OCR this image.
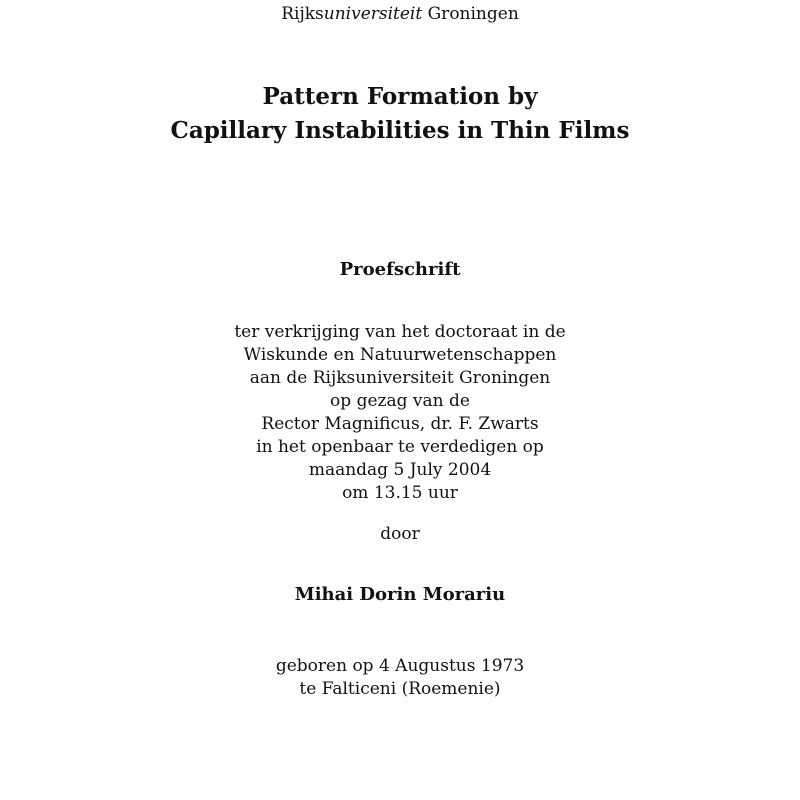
Rijksuniversiteit Groningen

Pattern Formation by
Capillary Instabilities in Thin Films
Proefschrift

ter verkrijging van het doctoraat in de

Wiskunde en Natuurwetenschappen

aan de Rijksuniversiteit Groningen

op gezag van de

Rector Magnificus, dr. F. Zwarts

in het openbaar te verdedigen op

maandag 5 July 2004

om 13.15 uur

door

Mihai Dorin Morariu

geboren op 4 Augustus 1973

te Falticeni (Roemenie)
